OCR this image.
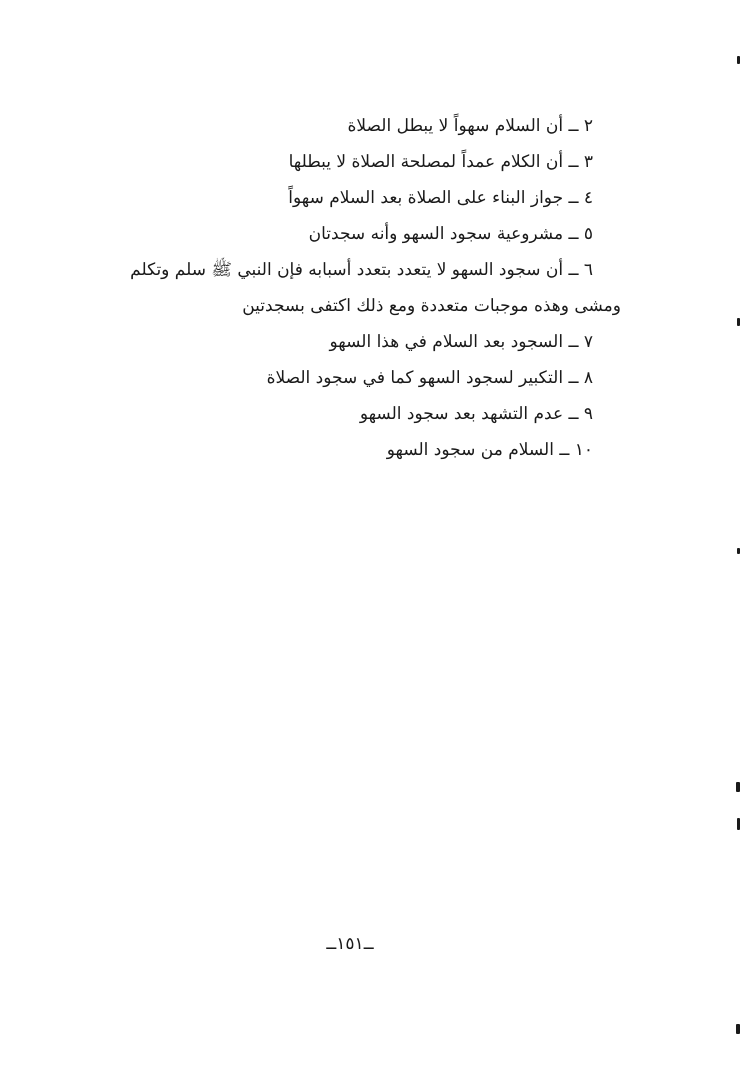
٢ ــ أن السلام سهواً لا يبطل الصلاة
٣ ــ أن الكلام عمداً لمصلحة الصلاة لا يبطلها
٤ ــ جواز البناء على الصلاة بعد السلام سهواً
٥ ــ مشروعية سجود السهو وأنه سجدتان
٦ ــ أن سجود السهو لا يتعدد بتعدد أسبابه فإن النبي ﷺ سلم وتكلم
ومشى وهذه موجبات متعددة ومع ذلك اكتفى بسجدتين
٧ ــ السجود بعد السلام في هذا السهو
٨ ــ التكبير لسجود السهو كما في سجود الصلاة
٩ ــ عدم التشهد بعد سجود السهو
١٠ ــ السلام من سجود السهو
ــ١٥١ــ
